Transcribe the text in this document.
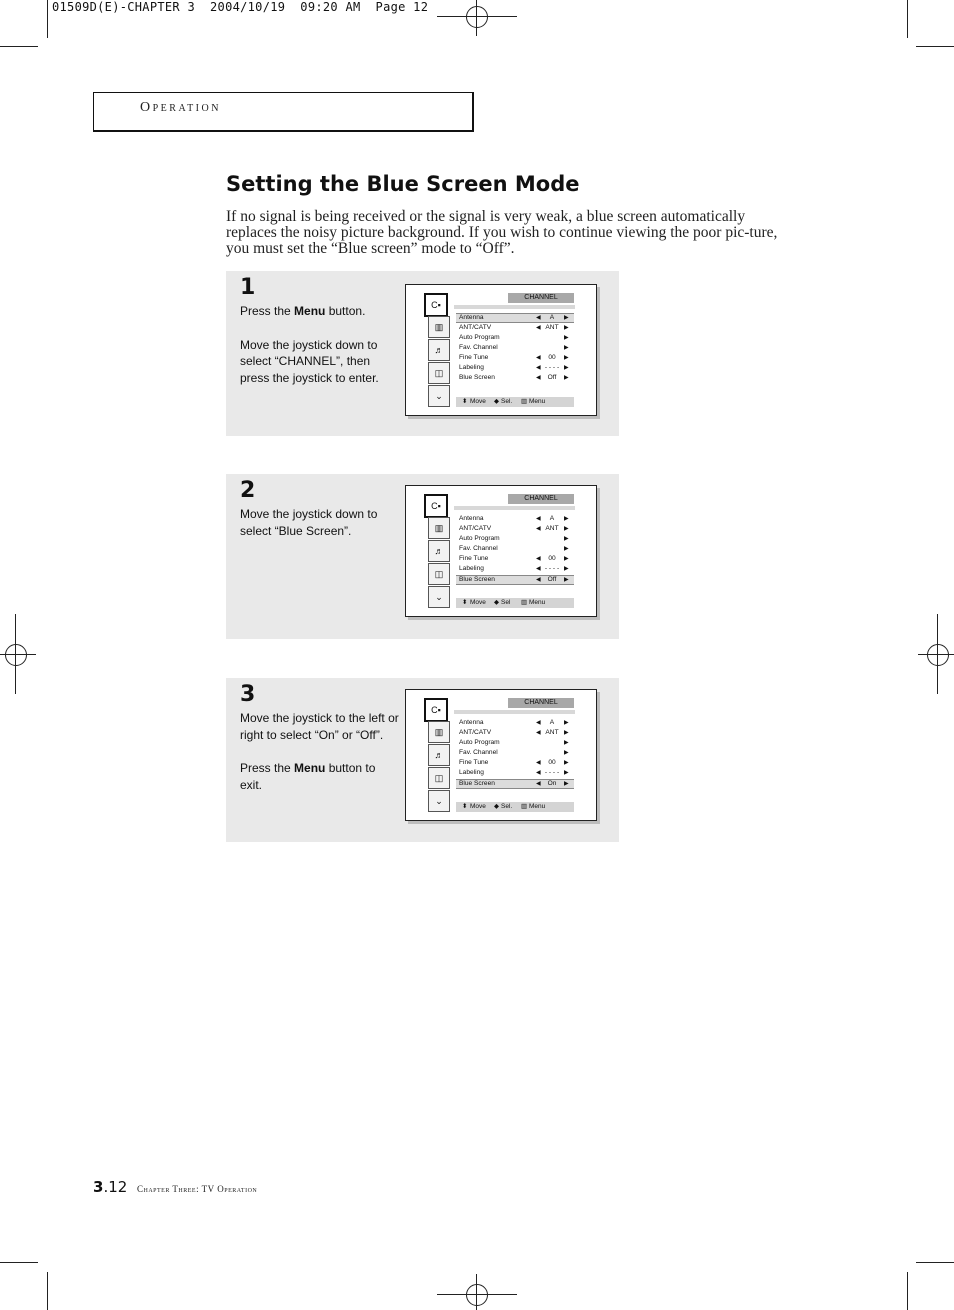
01509D(E)-CHAPTER 3  2004/10/19  09:20 AM  Page 12
Operation
Setting the Blue Screen Mode
If no signal is being received or the signal is very weak, a blue screen automatically replaces the noisy picture background. If you wish to continue viewing the poor pic-ture, you must set the “Blue screen” mode to “Off”.
1

Press the Menu button.

Move the joystick down to select “CHANNEL”, then press the joystick to enter.

CHANNEL
C▪
▥
♬
◫
⌄
Antenna	◀	A	▶
ANT/CATV	◀ ANT ▶
Auto Program	▶
Fav. Channel	▶
Fine Tune	◀	00	▶
Labeling	◀ - - - - ▶
Blue Screen	◀	Off	▶
⬍ Move ◆ Sel. ▥ Menu
2

Move the joystick down to select “Blue Screen”.

CHANNEL
C▪
▥
♬
◫
⌄
Antenna	◀	A	▶
ANT/CATV	◀ ANT ▶
Auto Program	▶
Fav. Channel	▶
Fine Tune	◀	00	▶
Labeling	◀ - - - - ▶
Blue Screen	◀	Off	▶
⬍ Move ◆ Sel ▥ Menu
3

Move the joystick to the left or right to select “On” or “Off”.

Press the Menu button to exit.

CHANNEL
C▪
▥
♬
◫
⌄
Antenna	◀	A	▶
ANT/CATV	◀ ANT ▶
Auto Program	▶
Fav. Channel	▶
Fine Tune	◀	00	▶
Labeling	◀ - - - - ▶
Blue Screen	◀	On	▶
⬍ Move ◆ Sel. ▥ Menu
3.12 Chapter Three: TV Operation
